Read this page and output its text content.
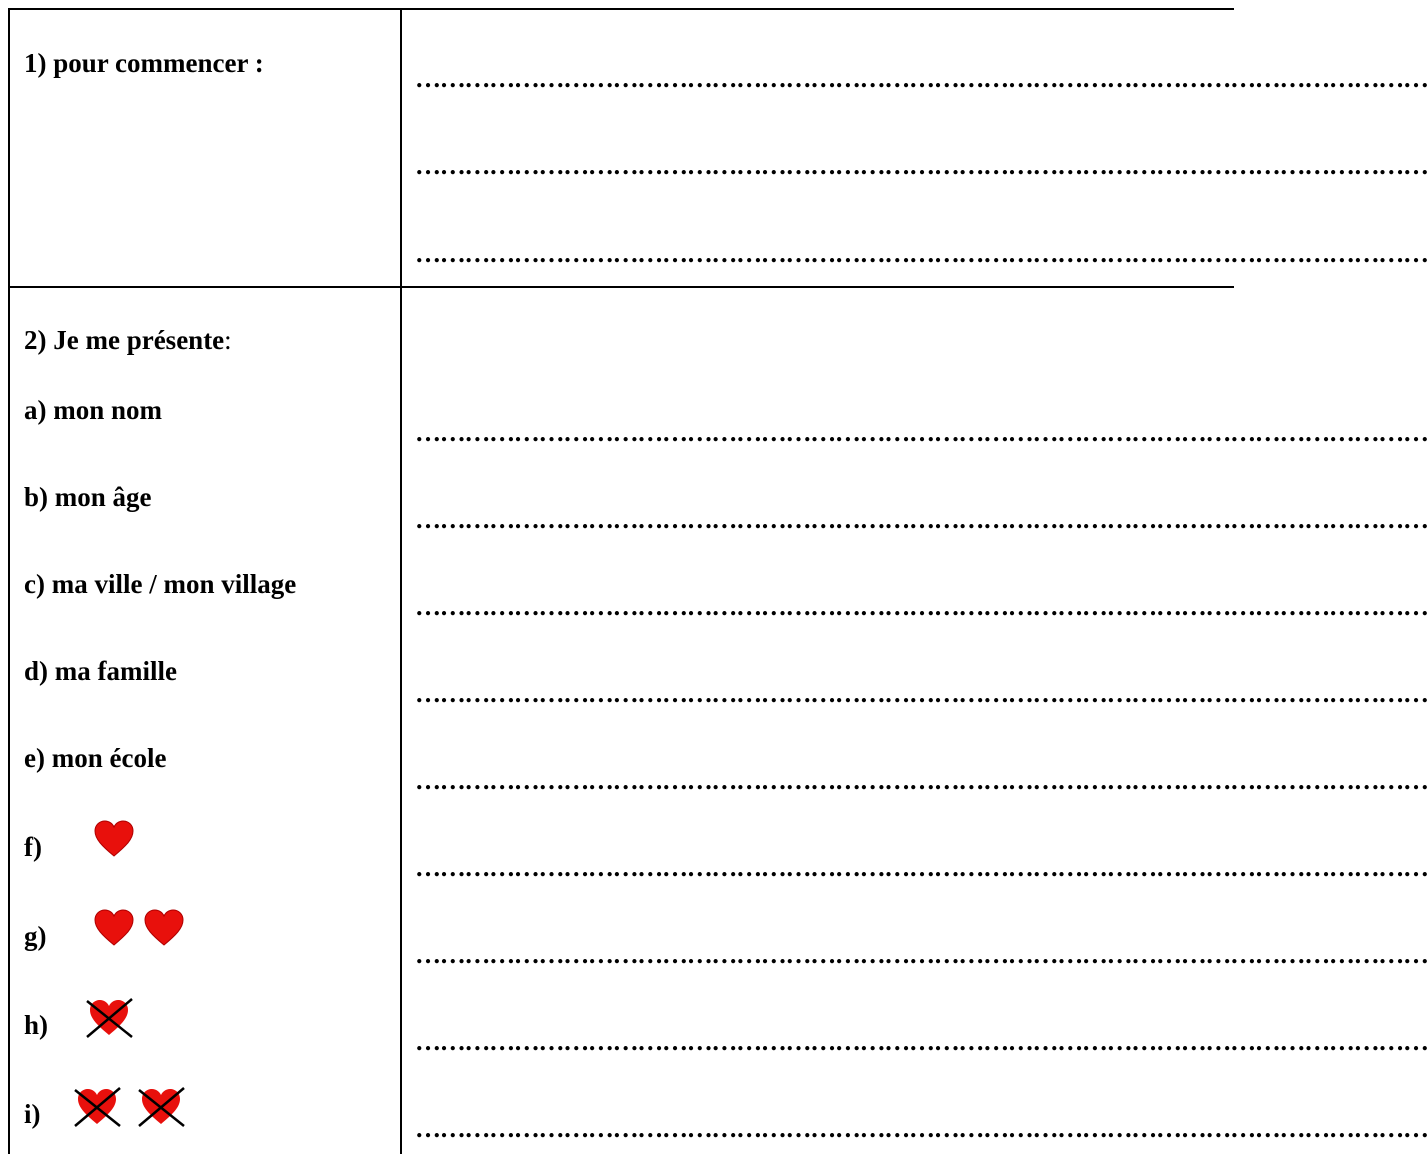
1) pour commencer :
……………………………………………………………………………………………………………
……………………………………………………………………………………………………………
……………………………………………………………………………………………………………
2) Je me présente:
a) mon nom
b) mon âge
c) ma ville / mon village
d) ma famille
e) mon école
f)
g)
h)
i)
……………………………………………………………………………………………………………
……………………………………………………………………………………………………………
……………………………………………………………………………………………………………
……………………………………………………………………………………………………………
……………………………………………………………………………………………………………
……………………………………………………………………………………………………………
……………………………………………………………………………………………………………
……………………………………………………………………………………………………………
……………………………………………………………………………………………………………
